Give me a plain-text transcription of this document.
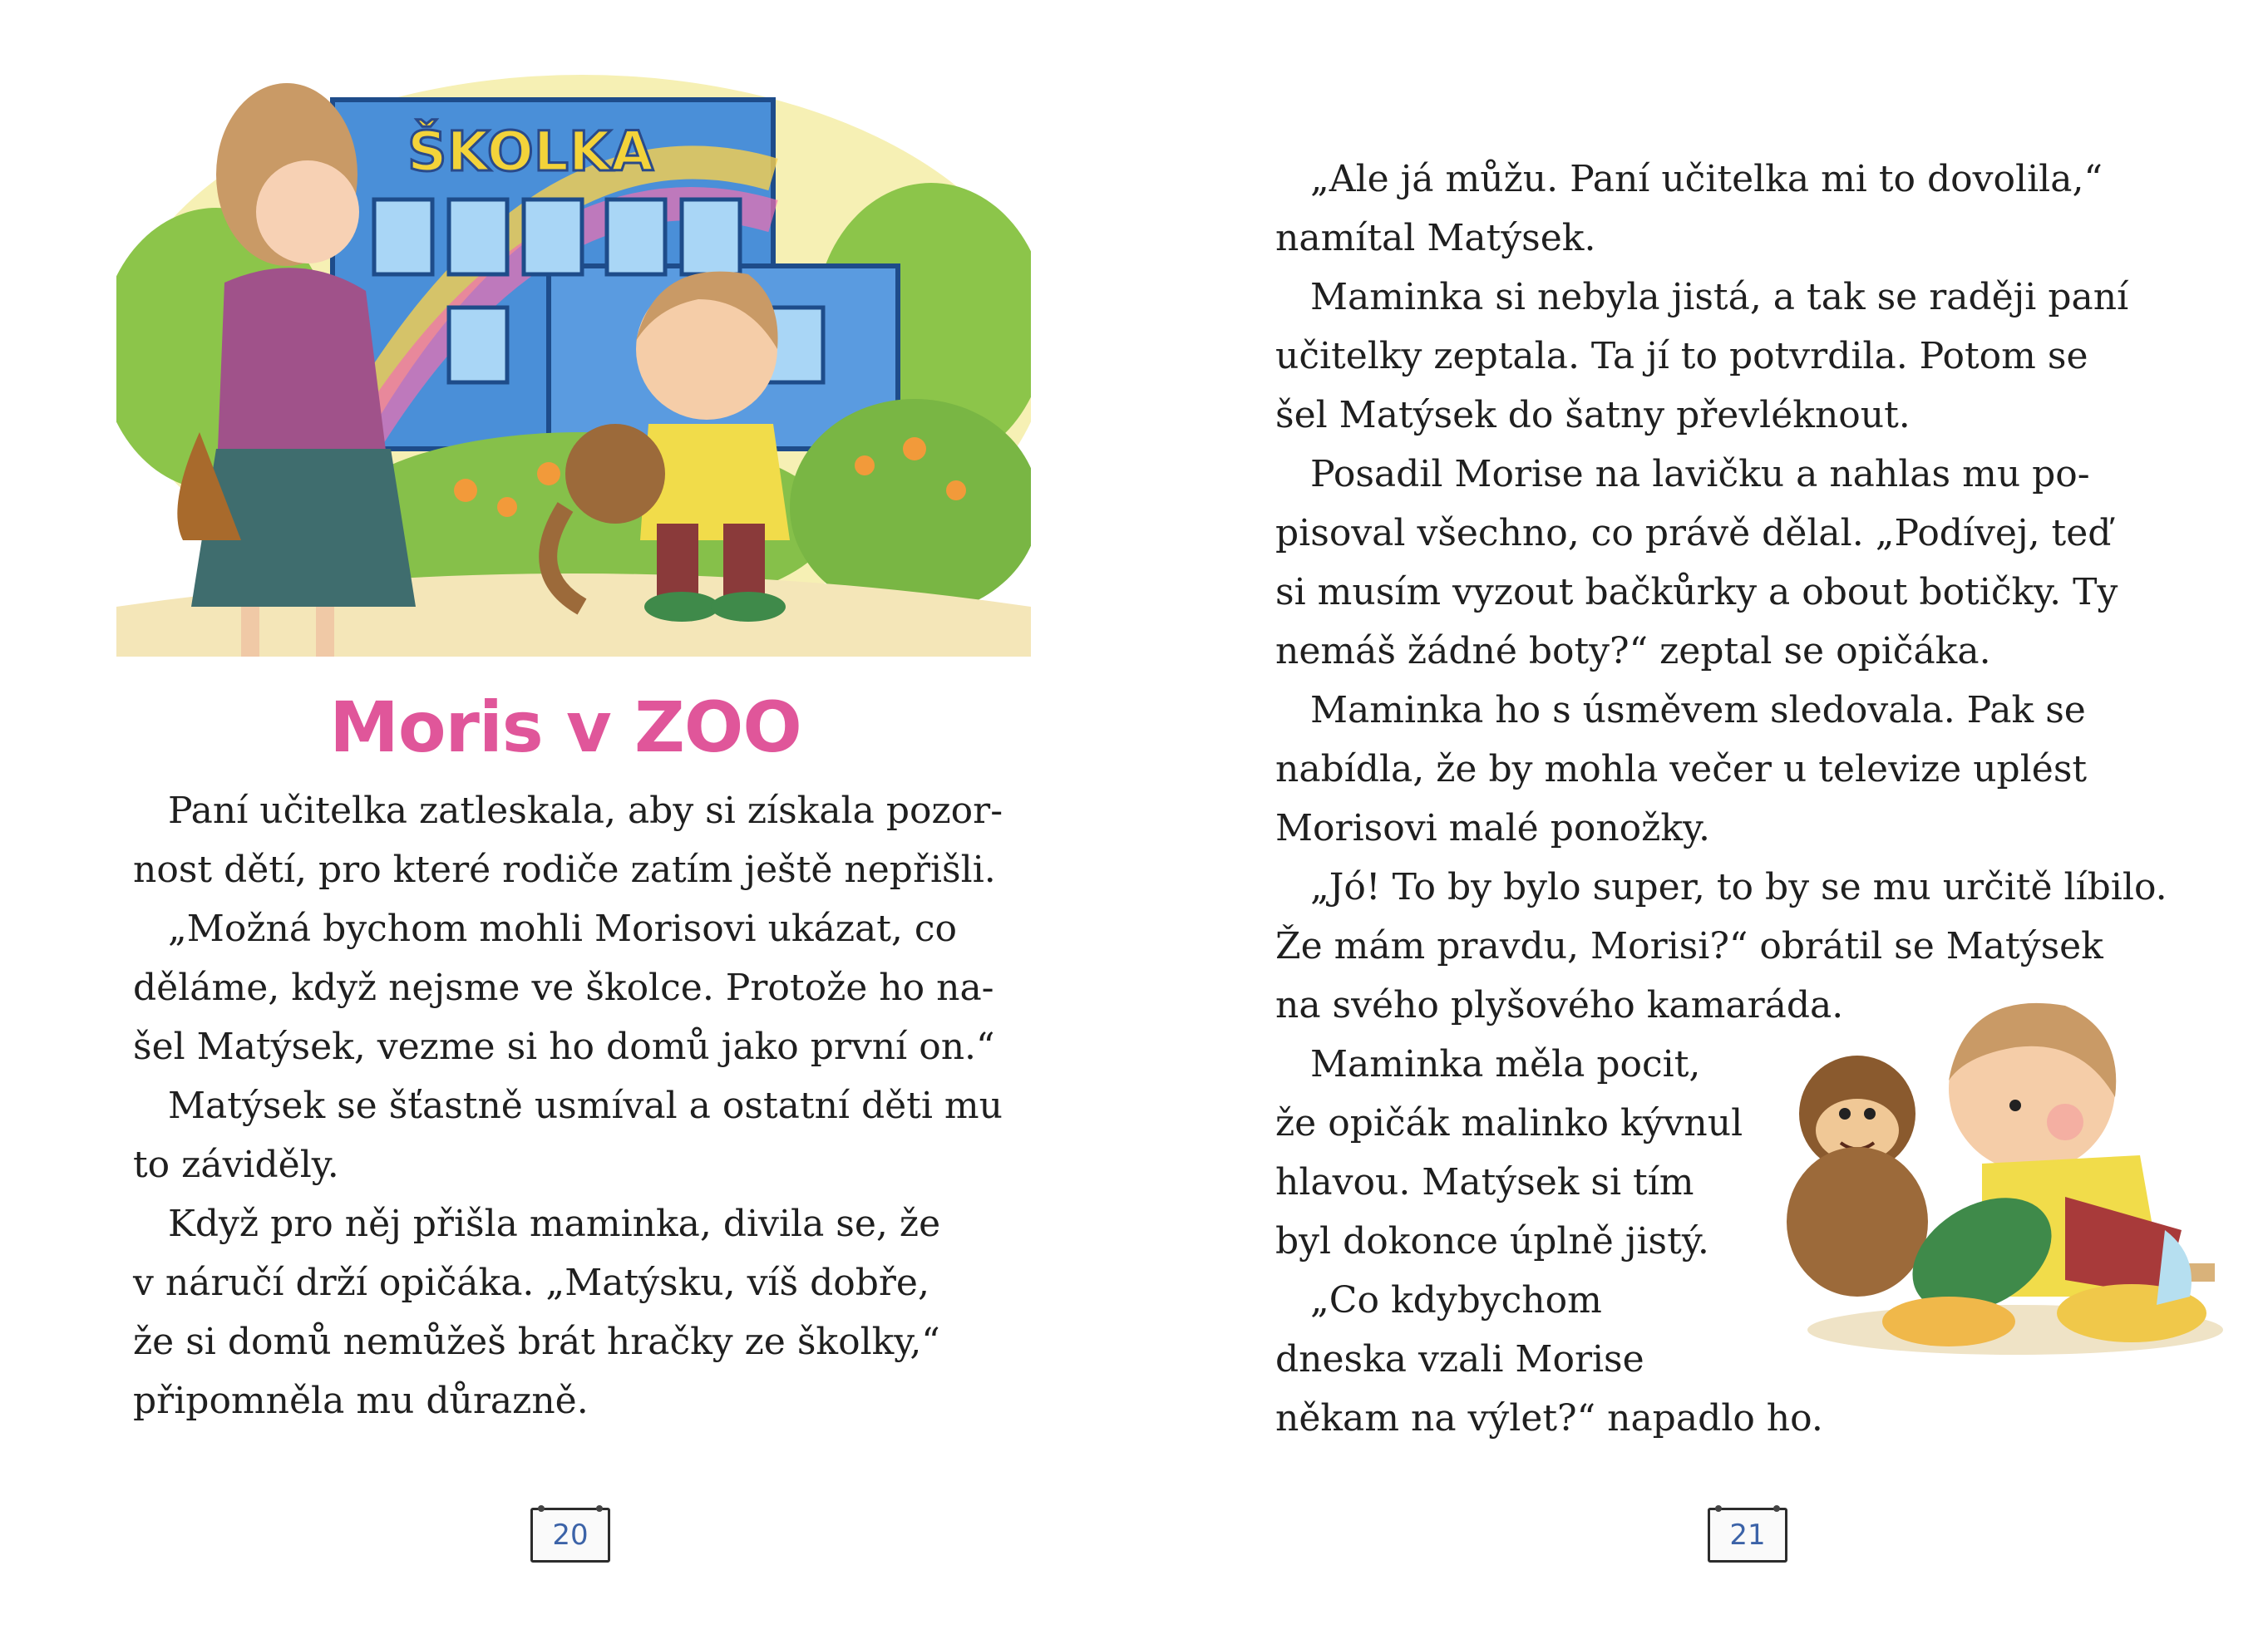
ŠKOLKA
Moris v ZOO

Paní učitelka zatleskala, aby si získala pozor-

nost dětí, pro které rodiče zatím ještě nepřišli.

„Možná bychom mohli Morisovi ukázat, co

děláme, když nejsme ve školce. Protože ho na-

šel Matýsek, vezme si ho domů jako první on.“

Matýsek se šťastně usmíval a ostatní děti mu

to záviděly.

Když pro něj přišla maminka, divila se, že

v náručí drží opičáka. „Matýsku, víš dobře,

že si domů nemůžeš brát hračky ze školky,“

připomněla mu důrazně.

20

„Ale já můžu. Paní učitelka mi to dovolila,“

namítal Matýsek.

Maminka si nebyla jistá, a tak se raději paní

učitelky zeptala. Ta jí to potvrdila. Potom se

šel Matýsek do šatny převléknout.

Posadil Morise na lavičku a nahlas mu po-

pisoval všechno, co právě dělal. „Podívej, teď

si musím vyzout bačkůrky a obout botičky. Ty

nemáš žádné boty?“ zeptal se opičáka.

Maminka ho s úsměvem sledovala. Pak se

nabídla, že by mohla večer u televize uplést

Morisovi malé ponožky.

„Jó! To by bylo super, to by se mu určitě líbilo.

Že mám pravdu, Morisi?“ obrátil se Matýsek

na svého plyšového kamaráda.

Maminka měla pocit,

že opičák malinko kývnul

hlavou. Matýsek si tím

byl dokonce úplně jistý.

„Co kdybychom

dneska vzali Morise

někam na výlet?“ napadlo ho.

21
